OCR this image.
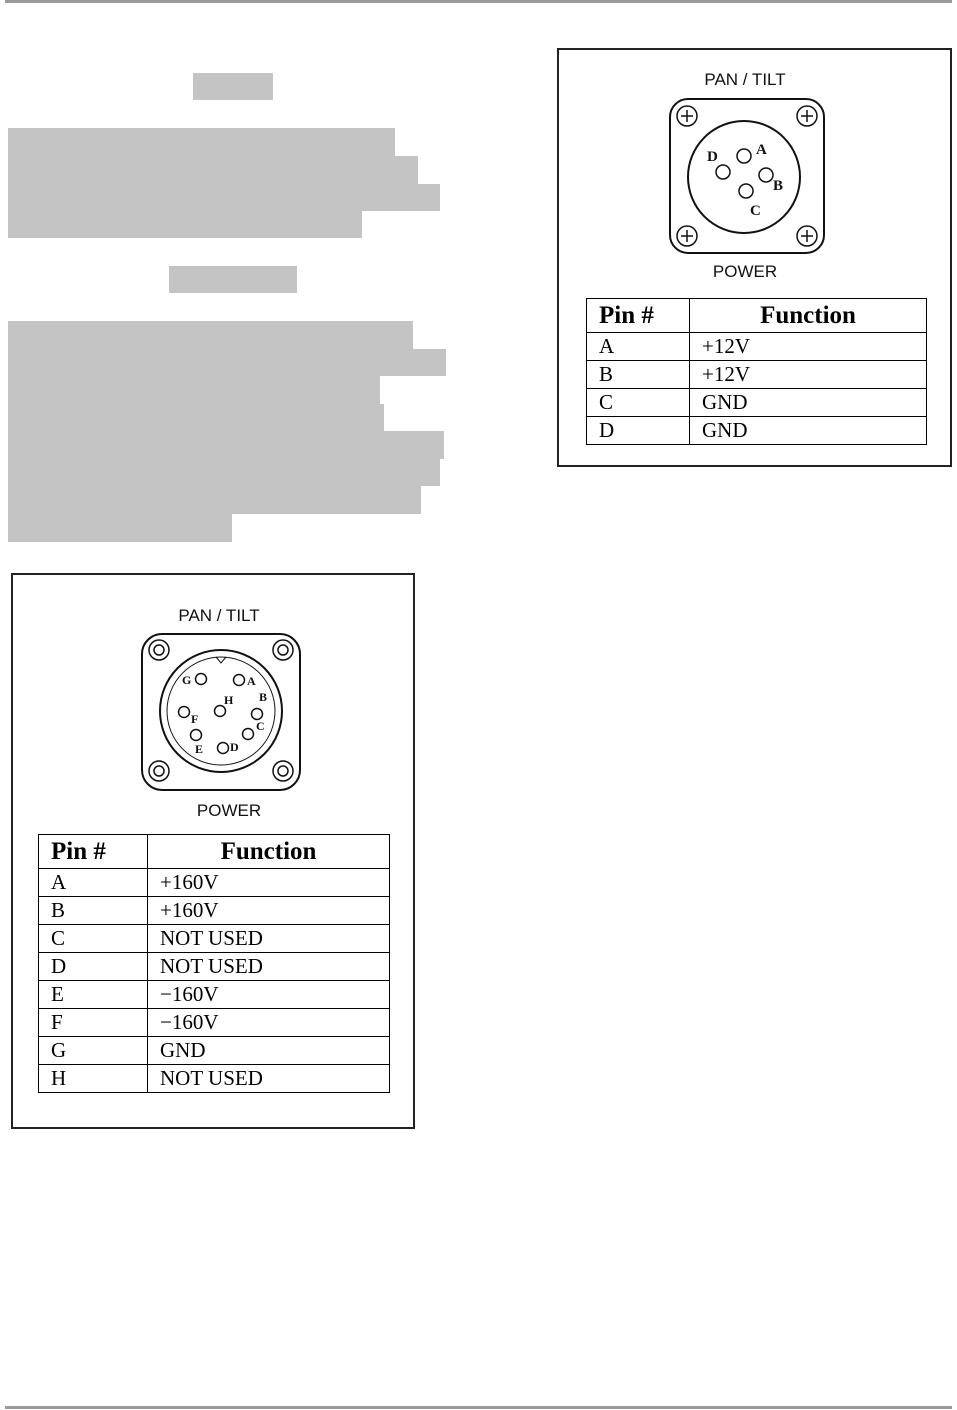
PAN / TILT
A
B
C
D
POWER
Pin #	Function
A	+12V
B	+12V
C	GND
D	GND
PAN / TILT
A
B
C
D
E
F
G
H
POWER
Pin #	Function
A	+160V
B	+160V
C	NOT USED
D	NOT USED
E	−160V
F	−160V
G	GND
H	NOT USED
